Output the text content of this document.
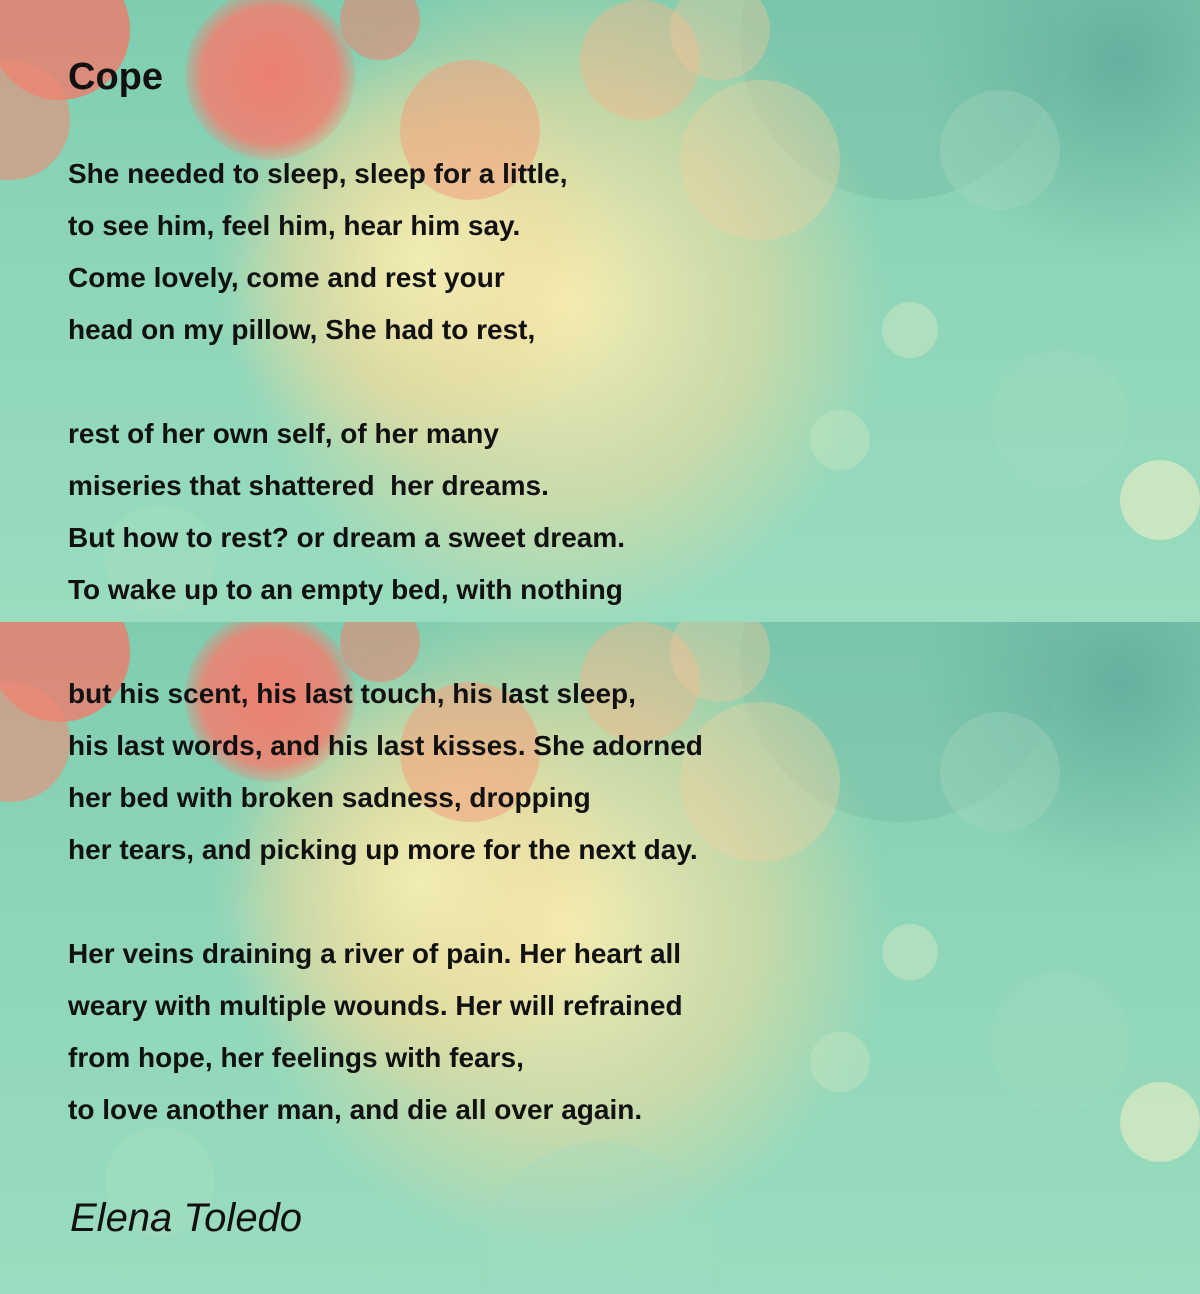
Cope

She needed to sleep, sleep for a little,

to see him, feel him, hear him say.

Come lovely, come and rest your

head on my pillow, She had to rest,

rest of her own self, of her many

miseries that shattered  her dreams.

But how to rest? or dream a sweet dream.

To wake up to an empty bed, with nothing

but his scent, his last touch, his last sleep,

his last words, and his last kisses. She adorned

her bed with broken sadness, dropping

her tears, and picking up more for the next day.

Her veins draining a river of pain. Her heart all

weary with multiple wounds. Her will refrained

from hope, her feelings with fears,

to love another man, and die all over again.

Elena Toledo
